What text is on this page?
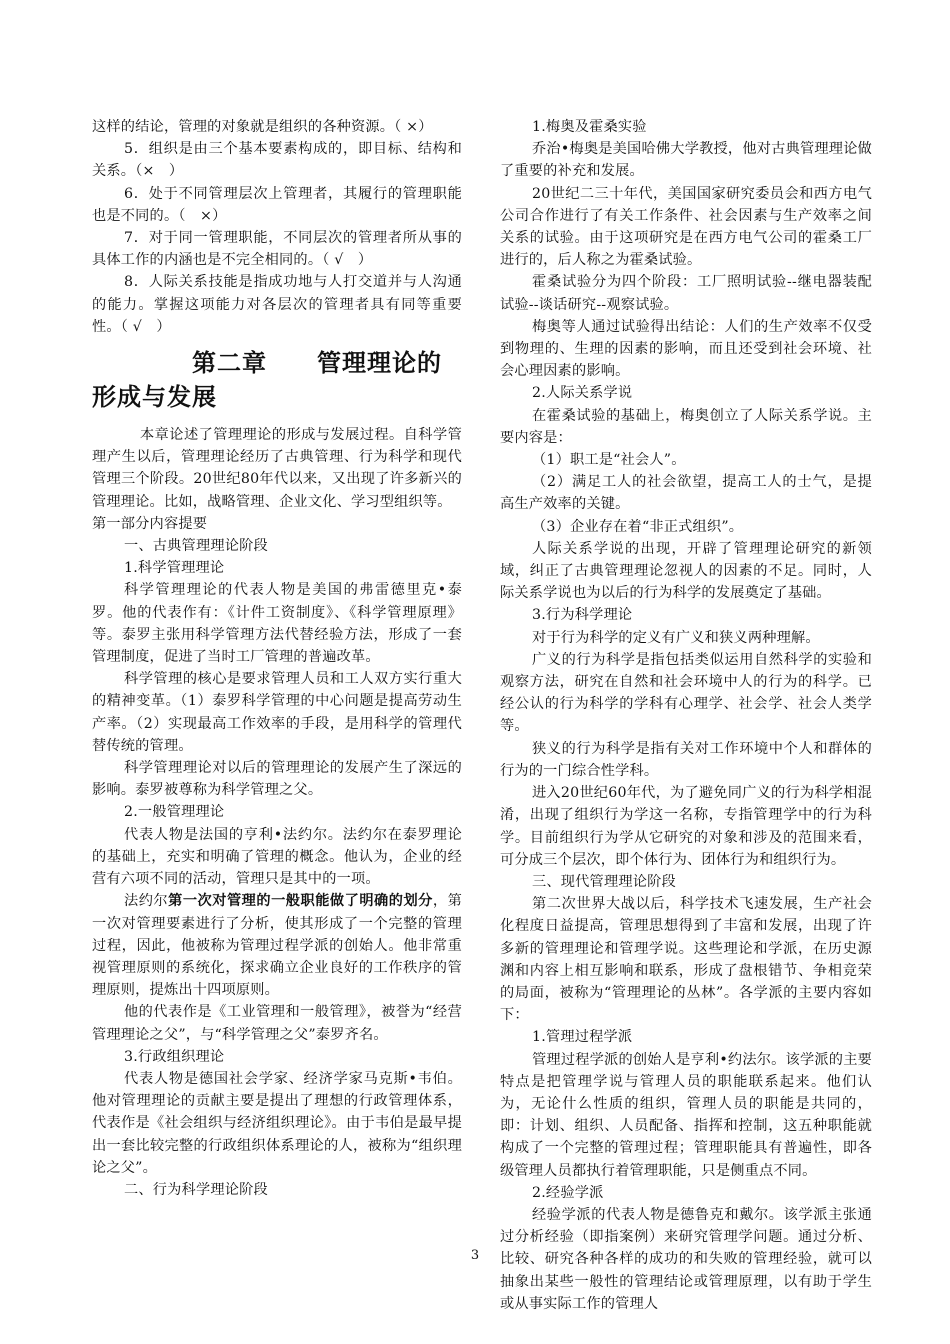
这样的结论，管理的对象就是组织的各种资源。（ ×）

5．组织是由三个基本要素构成的，即目标、结构和关系。（×　）

6．处于不同管理层次上管理者，其履行的管理职能也是不同的。（　×）

7．对于同一管理职能，不同层次的管理者所从事的具体工作的内涵也是不完全相同的。（ √　）

8．人际关系技能是指成功地与人打交道并与人沟通的能力。掌握这项能力对各层次的管理者具有同等重要性。（ √　）

第二章　　管理理论的形成与发展

本章论述了管理理论的形成与发展过程。自科学管理产生以后，管理理论经历了古典管理、行为科学和现代管理三个阶段。20世纪80年代以来，又出现了许多新兴的管理理论。比如，战略管理、企业文化、学习型组织等。

第一部分内容提要

一、古典管理理论阶段

1.科学管理理论

科学管理理论的代表人物是美国的弗雷德里克•泰罗。他的代表作有：《计件工资制度》、《科学管理原理》等。泰罗主张用科学管理方法代替经验方法，形成了一套管理制度，促进了当时工厂管理的普遍改革。

科学管理的核心是要求管理人员和工人双方实行重大的精神变革。（1）泰罗科学管理的中心问题是提高劳动生产率。（2）实现最高工作效率的手段，是用科学的管理代替传统的管理。

科学管理理论对以后的管理理论的发展产生了深远的影响。泰罗被尊称为科学管理之父。

2.一般管理理论

代表人物是法国的亨利•法约尔。法约尔在泰罗理论的基础上，充实和明确了管理的概念。他认为，企业的经营有六项不同的活动，管理只是其中的一项。

法约尔第一次对管理的一般职能做了明确的划分，第一次对管理要素进行了分析，使其形成了一个完整的管理过程，因此，他被称为管理过程学派的创始人。他非常重视管理原则的系统化，探求确立企业良好的工作秩序的管理原则，提炼出十四项原则。

他的代表作是《工业管理和一般管理》，被誉为“经营管理理论之父”，与“科学管理之父”泰罗齐名。

3.行政组织理论

代表人物是德国社会学家、经济学家马克斯•韦伯。他对管理理论的贡献主要是提出了理想的行政管理体系，代表作是《社会组织与经济组织理论》。由于韦伯是最早提出一套比较完整的行政组织体系理论的人，被称为“组织理论之父”。

二、行为科学理论阶段

1.梅奥及霍桑实验

乔治•梅奥是美国哈佛大学教授，他对古典管理理论做了重要的补充和发展。

20世纪二三十年代，美国国家研究委员会和西方电气公司合作进行了有关工作条件、社会因素与生产效率之间关系的试验。由于这项研究是在西方电气公司的霍桑工厂进行的，后人称之为霍桑试验。

霍桑试验分为四个阶段：工厂照明试验--继电器装配试验--谈话研究--观察试验。

梅奥等人通过试验得出结论：人们的生产效率不仅受到物理的、生理的因素的影响，而且还受到社会环境、社会心理因素的影响。

2.人际关系学说

在霍桑试验的基础上，梅奥创立了人际关系学说。主要内容是：

（1）职工是“社会人”。

（2）满足工人的社会欲望，提高工人的士气，是提高生产效率的关键。

（3）企业存在着“非正式组织”。

人际关系学说的出现，开辟了管理理论研究的新领域，纠正了古典管理理论忽视人的因素的不足。同时，人际关系学说也为以后的行为科学的发展奠定了基础。

3.行为科学理论

对于行为科学的定义有广义和狭义两种理解。

广义的行为科学是指包括类似运用自然科学的实验和观察方法，研究在自然和社会环境中人的行为的科学。已经公认的行为科学的学科有心理学、社会学、社会人类学等。

狭义的行为科学是指有关对工作环境中个人和群体的行为的一门综合性学科。

进入20世纪60年代，为了避免同广义的行为科学相混淆，出现了组织行为学这一名称，专指管理学中的行为科学。目前组织行为学从它研究的对象和涉及的范围来看，可分成三个层次，即个体行为、团体行为和组织行为。

三、现代管理理论阶段

第二次世界大战以后，科学技术飞速发展，生产社会化程度日益提高，管理思想得到了丰富和发展，出现了许多新的管理理论和管理学说。这些理论和学派，在历史源渊和内容上相互影响和联系，形成了盘根错节、争相竞荣的局面，被称为“管理理论的丛林”。各学派的主要内容如下：

1.管理过程学派

管理过程学派的创始人是亨利•约法尔。该学派的主要特点是把管理学说与管理人员的职能联系起来。他们认为，无论什么性质的组织，管理人员的职能是共同的，即：计划、组织、人员配备、指挥和控制，这五种职能就构成了一个完整的管理过程；管理职能具有普遍性，即各级管理人员都执行着管理职能，只是侧重点不同。

2.经验学派

经验学派的代表人物是德鲁克和戴尔。该学派主张通过分析经验（即指案例）来研究管理学问题。通过分析、比较、研究各种各样的成功的和失败的管理经验，就可以抽象出某些一般性的管理结论或管理原理，以有助于学生或从事实际工作的管理人

3
